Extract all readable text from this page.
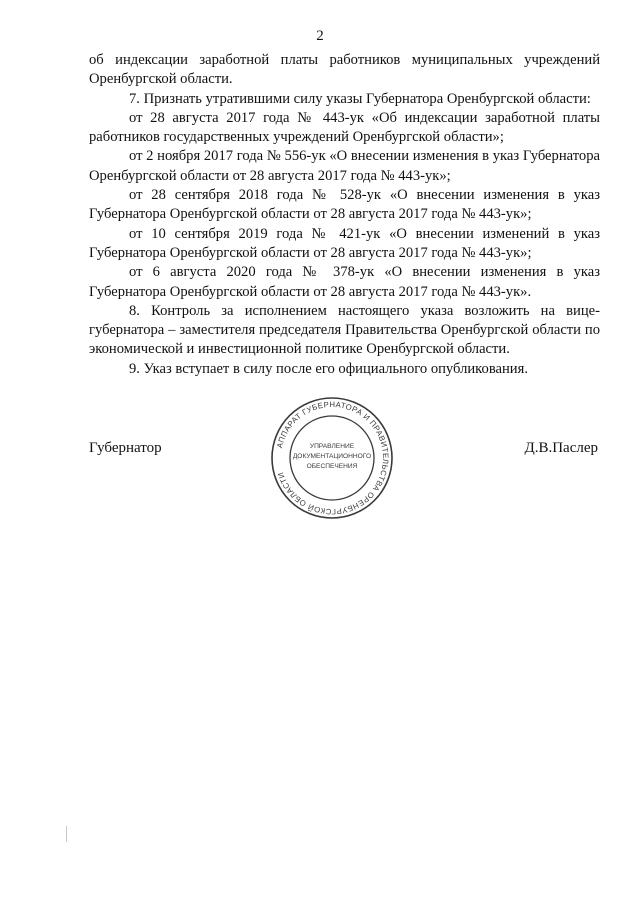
2

об индексации заработной платы работников муниципальных учреждений Оренбургской области.

7. Признать утратившими силу указы Губернатора Оренбургской области:

от 28 августа 2017 года № 443-ук «Об индексации заработной платы работников государственных учреждений Оренбургской области»;

от 2 ноября 2017 года № 556-ук «О внесении изменения в указ Губернатора Оренбургской области от 28 августа 2017 года № 443-ук»;

от 28 сентября 2018 года № 528-ук «О внесении изменения в указ Губернатора Оренбургской области от 28 августа 2017 года № 443-ук»;

от 10 сентября 2019 года № 421-ук «О внесении изменений в указ Губернатора Оренбургской области от 28 августа 2017 года № 443-ук»;

от 6 августа 2020 года № 378-ук «О внесении изменения в указ Губернатора Оренбургской области от 28 августа 2017 года № 443-ук».

8. Контроль за исполнением настоящего указа возложить на вице-губернатора – заместителя председателя Правительства Оренбургской области по экономической и инвестиционной политике Оренбургской области.

9. Указ вступает в силу после его официального опубликования.

Губернатор	АППАРАТ ГУБЕРНАТОРА И ПРАВИТЕЛЬСТВА ОРЕНБУРГСКОЙ ОБЛАСТИ
УПРАВЛЕНИЕ
ДОКУМЕНТАЦИОННОГО
ОБЕСПЕЧЕНИЯ
Д.В.Паслер
